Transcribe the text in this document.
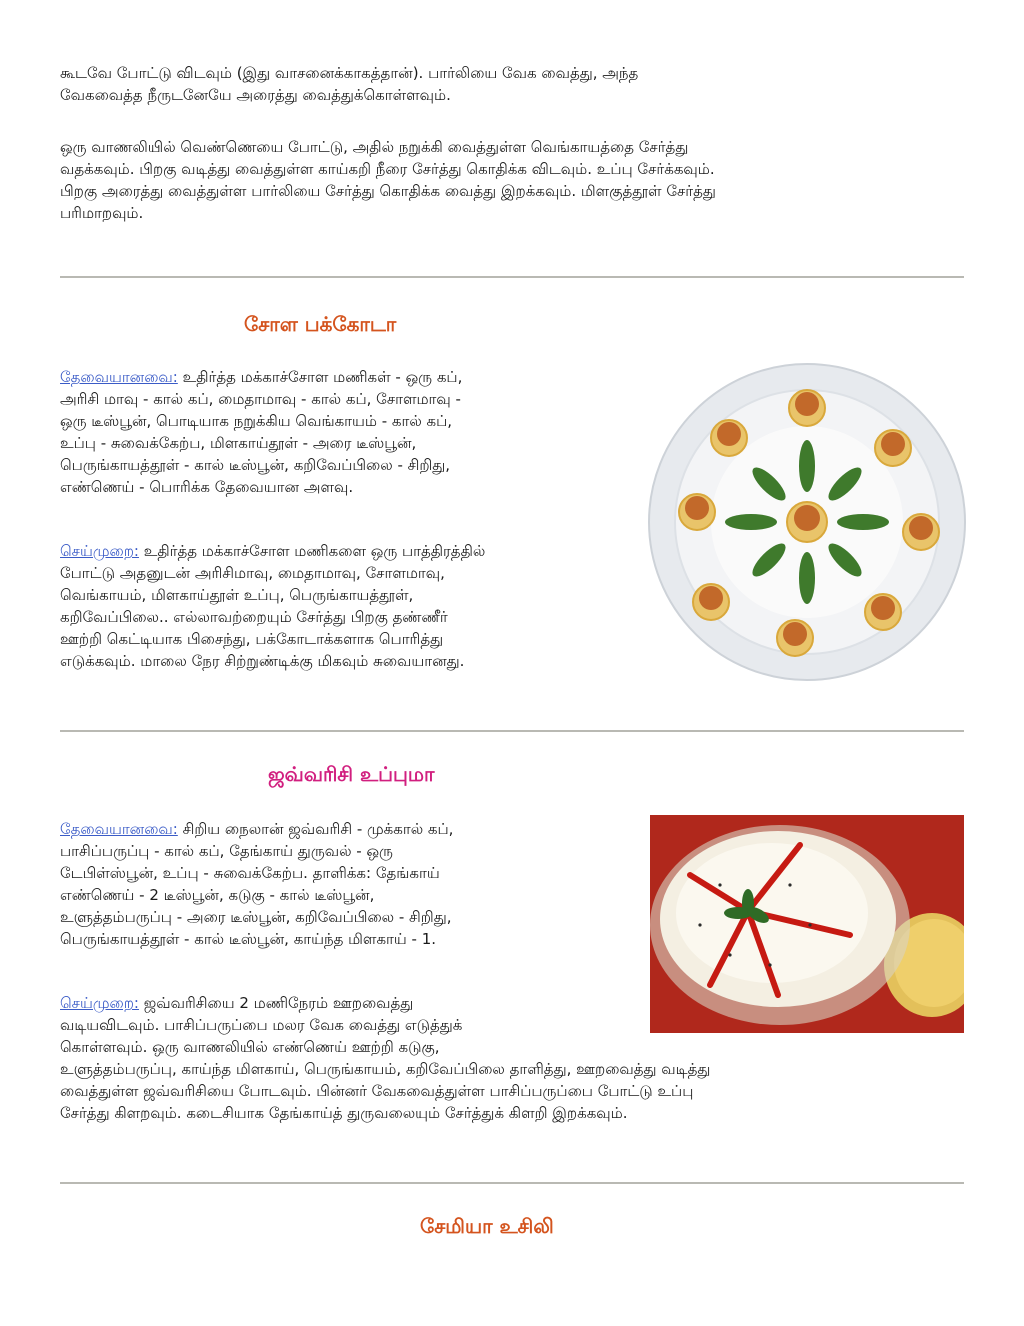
கூடவே போட்டு விடவும் (இது வாசனைக்காகத்தான்). பார்லியை வேக வைத்து, அந்த
வேகவைத்த நீருடனேயே அரைத்து வைத்துக்கொள்ளவும்.

ஒரு வாணலியில் வெண்ணெயை போட்டு, அதில் நறுக்கி வைத்துள்ள வெங்காயத்தை சேர்த்து
வதக்கவும். பிறகு வடித்து வைத்துள்ள காய்கறி நீரை சேர்த்து கொதிக்க விடவும். உப்பு சேர்க்கவும்.
பிறகு அரைத்து வைத்துள்ள பார்லியை சேர்த்து கொதிக்க வைத்து இறக்கவும். மிளகுத்தூள் சேர்த்து
பரிமாறவும்.

சோள பக்கோடா

தேவையானவை: உதிர்த்த மக்காச்சோள மணிகள் - ஒரு கப்,
அரிசி மாவு - கால் கப், மைதாமாவு - கால் கப், சோளமாவு -
ஒரு டீஸ்பூன், பொடியாக நறுக்கிய வெங்காயம் - கால் கப்,
உப்பு - சுவைக்கேற்ப, மிளகாய்தூள் - அரை டீஸ்பூன்,
பெருங்காயத்தூள் - கால் டீஸ்பூன், கறிவேப்பிலை - சிறிது,
எண்ணெய் - பொரிக்க தேவையான அளவு.

செய்முறை: உதிர்த்த மக்காச்சோள மணிகளை ஒரு பாத்திரத்தில்
போட்டு அதனுடன் அரிசிமாவு, மைதாமாவு, சோளமாவு,
வெங்காயம், மிளகாய்தூள் உப்பு, பெருங்காயத்தூள்,
கறிவேப்பிலை.. எல்லாவற்றையும் சேர்த்து பிறகு தண்ணீர்
ஊற்றி கெட்டியாக பிசைந்து, பக்கோடாக்களாக பொரித்து
எடுக்கவும். மாலை நேர சிற்றுண்டிக்கு மிகவும் சுவையானது.

ஜவ்வரிசி உப்புமா

தேவையானவை: சிறிய நைலான் ஜவ்வரிசி - முக்கால் கப்,
பாசிப்பருப்பு - கால் கப், தேங்காய் துருவல் - ஒரு
டேபிள்ஸ்பூன், உப்பு - சுவைக்கேற்ப. தாளிக்க: தேங்காய்
எண்ணெய் - 2 டீஸ்பூன், கடுகு - கால் டீஸ்பூன்,
உளுத்தம்பருப்பு - அரை டீஸ்பூன், கறிவேப்பிலை - சிறிது,
பெருங்காயத்தூள் - கால் டீஸ்பூன், காய்ந்த மிளகாய் - 1.

செய்முறை: ஜவ்வரிசியை 2 மணிநேரம் ஊறவைத்து
வடியவிடவும். பாசிப்பருப்பை மலர வேக வைத்து எடுத்துக்
கொள்ளவும். ஒரு வாணலியில் எண்ணெய் ஊற்றி கடுகு,
உளுத்தம்பருப்பு, காய்ந்த மிளகாய், பெருங்காயம், கறிவேப்பிலை தாளித்து, ஊறவைத்து வடித்து
வைத்துள்ள ஜவ்வரிசியை போடவும். பின்னர் வேகவைத்துள்ள பாசிப்பருப்பை போட்டு உப்பு
சேர்த்து கிளறவும். கடைசியாக தேங்காய்த் துருவலையும் சேர்த்துக் கிளறி இறக்கவும்.

சேமியா உசிலி
